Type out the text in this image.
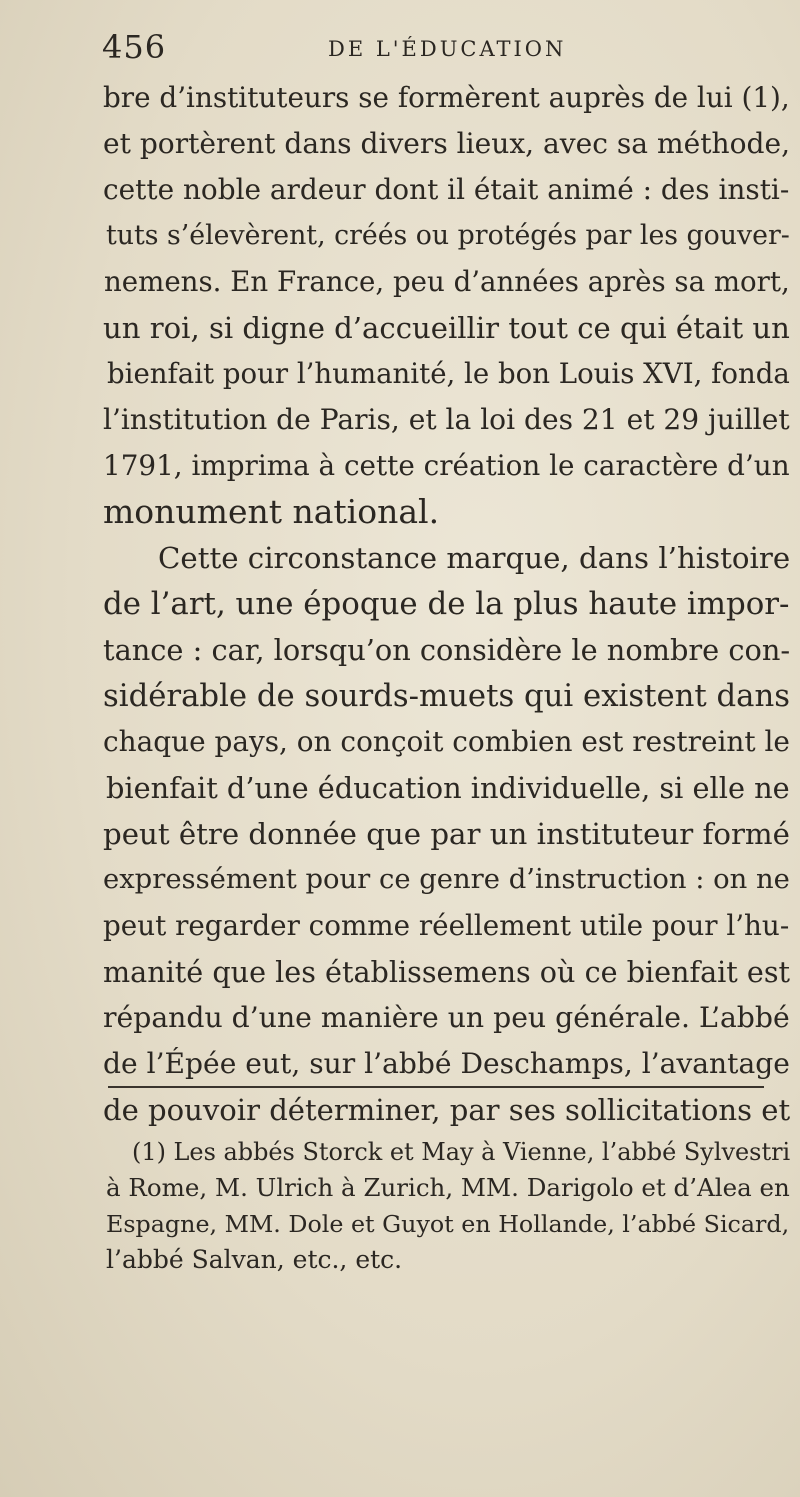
456	DE L'ÉDUCATION
bre d’instituteurs se formèrent auprès de lui (1),
et portèrent dans divers lieux, avec sa méthode,
cette noble ardeur dont il était animé : des insti-
tuts s’élevèrent, créés ou protégés par les gouver-
nemens. En France, peu d’années après sa mort,
un roi, si digne d’accueillir tout ce qui était un
bienfait pour l’humanité, le bon Louis XVI, fonda
l’institution de Paris, et la loi des 21 et 29 juillet
1791, imprima à cette création le caractère d’un
monument national.
Cette circonstance marque, dans l’histoire
de l’art, une époque de la plus haute impor-
tance : car, lorsqu’on considère le nombre con-
sidérable de sourds-muets qui existent dans
chaque pays, on conçoit combien est restreint le
bienfait d’une éducation individuelle, si elle ne
peut être donnée que par un instituteur formé
expressément pour ce genre d’instruction : on ne
peut regarder comme réellement utile pour l’hu-
manité que les établissemens où ce bienfait est
répandu d’une manière un peu générale. L’abbé
de l’Épée eut, sur l’abbé Deschamps, l’avantage
de pouvoir déterminer, par ses sollicitations et
(1) Les abbés Storck et May à Vienne, l’abbé Sylvestri
à Rome, M. Ulrich à Zurich, MM. Darigolo et d’Alea en
Espagne, MM. Dole et Guyot en Hollande, l’abbé Sicard,
l’abbé Salvan, etc., etc.
